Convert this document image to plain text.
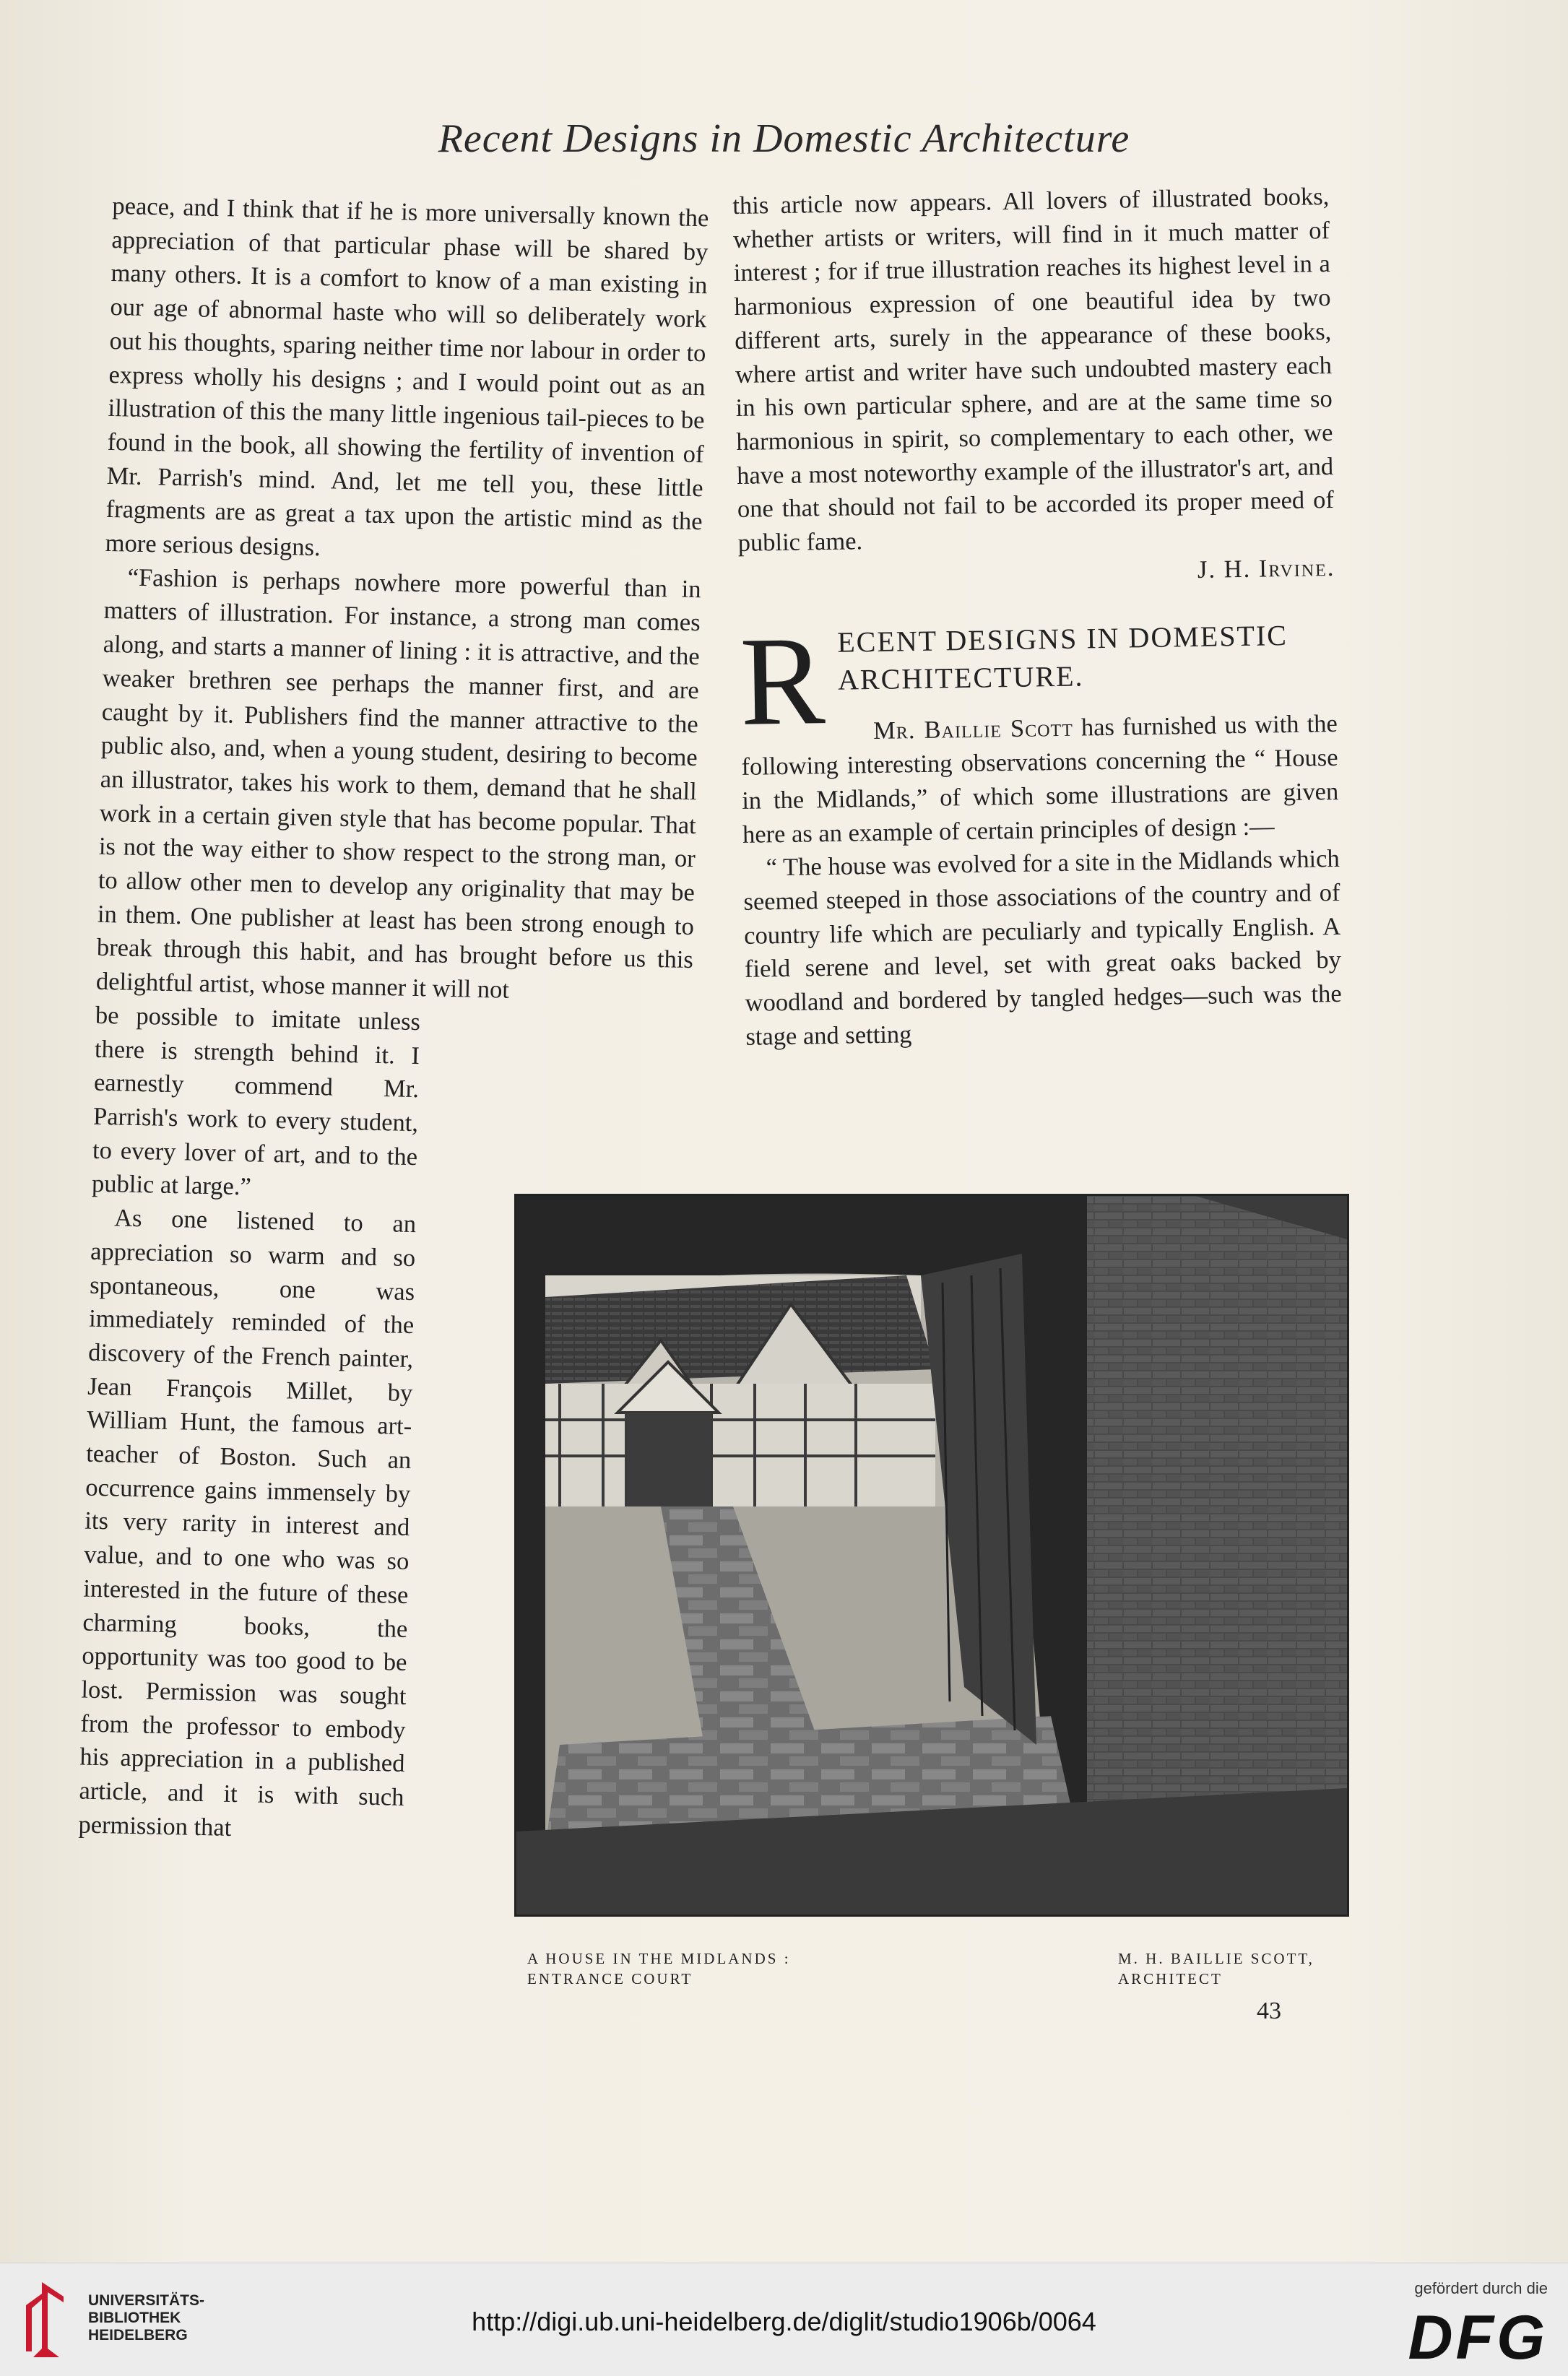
Recent Designs in Domestic Architecture

peace, and I think that if he is more universally known the appreciation of that particular phase will be shared by many others. It is a comfort to know of a man existing in our age of abnormal haste who will so deliberately work out his thoughts, sparing neither time nor labour in order to express wholly his designs ; and I would point out as an illustration of this the many little ingenious tail-pieces to be found in the book, all showing the fertility of invention of Mr. Parrish's mind. And, let me tell you, these little fragments are as great a tax upon the artistic mind as the more serious designs.

“Fashion is perhaps nowhere more powerful than in matters of illustration. For instance, a strong man comes along, and starts a manner of lining : it is attractive, and the weaker brethren see perhaps the manner first, and are caught by it. Publishers find the manner attractive to the public also, and, when a young student, desiring to become an illustrator, takes his work to them, demand that he shall work in a certain given style that has become popular. That is not the way either to show respect to the strong man, or to allow other men to develop any originality that may be in them. One publisher at least has been strong enough to break through this habit, and has brought before us this delightful artist, whose manner it will not

be possible to imitate unless there is strength behind it. I earnestly commend Mr. Parrish's work to every student, to every lover of art, and to the public at large.”

As one listened to an appreciation so warm and so spontaneous, one was immediately reminded of the discovery of the French painter, Jean François Millet, by William Hunt, the famous art-teacher of Boston. Such an occurrence gains immensely by its very rarity in interest and value, and to one who was so interested in the future of these charming books, the opportunity was too good to be lost. Permission was sought from the professor to embody his appreciation in a published article, and it is with such permission that

this article now appears. All lovers of illustrated books, whether artists or writers, will find in it much matter of interest ; for if true illustration reaches its highest level in a harmonious expression of one beautiful idea by two different arts, surely in the appearance of these books, where artist and writer have such undoubted mastery each in his own particular sphere, and are at the same time so harmonious in spirit, so complementary to each other, we have a most noteworthy example of the illustrator's art, and one that should not fail to be accorded its proper meed of public fame.

J. H. Irvine.

R ECENT DESIGNS IN DOMESTIC ARCHITECTURE.

Mr. Baillie Scott has furnished us with the following interesting observations concerning the “ House in the Midlands,” of which some illustrations are given here as an example of certain principles of design :—

“ The house was evolved for a site in the Midlands which seemed steeped in those associations of the country and of country life which are peculiarly and typically English. A field serene and level, set with great oaks backed by woodland and bordered by tangled hedges—such was the stage and setting

A HOUSE IN THE MIDLANDS :
ENTRANCE COURT
M. H. BAILLIE SCOTT,
ARCHITECT
43
UNIVERSITÄTS-
BIBLIOTHEK
HEIDELBERG	http://digi.ub.uni-heidelberg.de/diglit/studio1906b/0064
gefördert durch die
DFG
